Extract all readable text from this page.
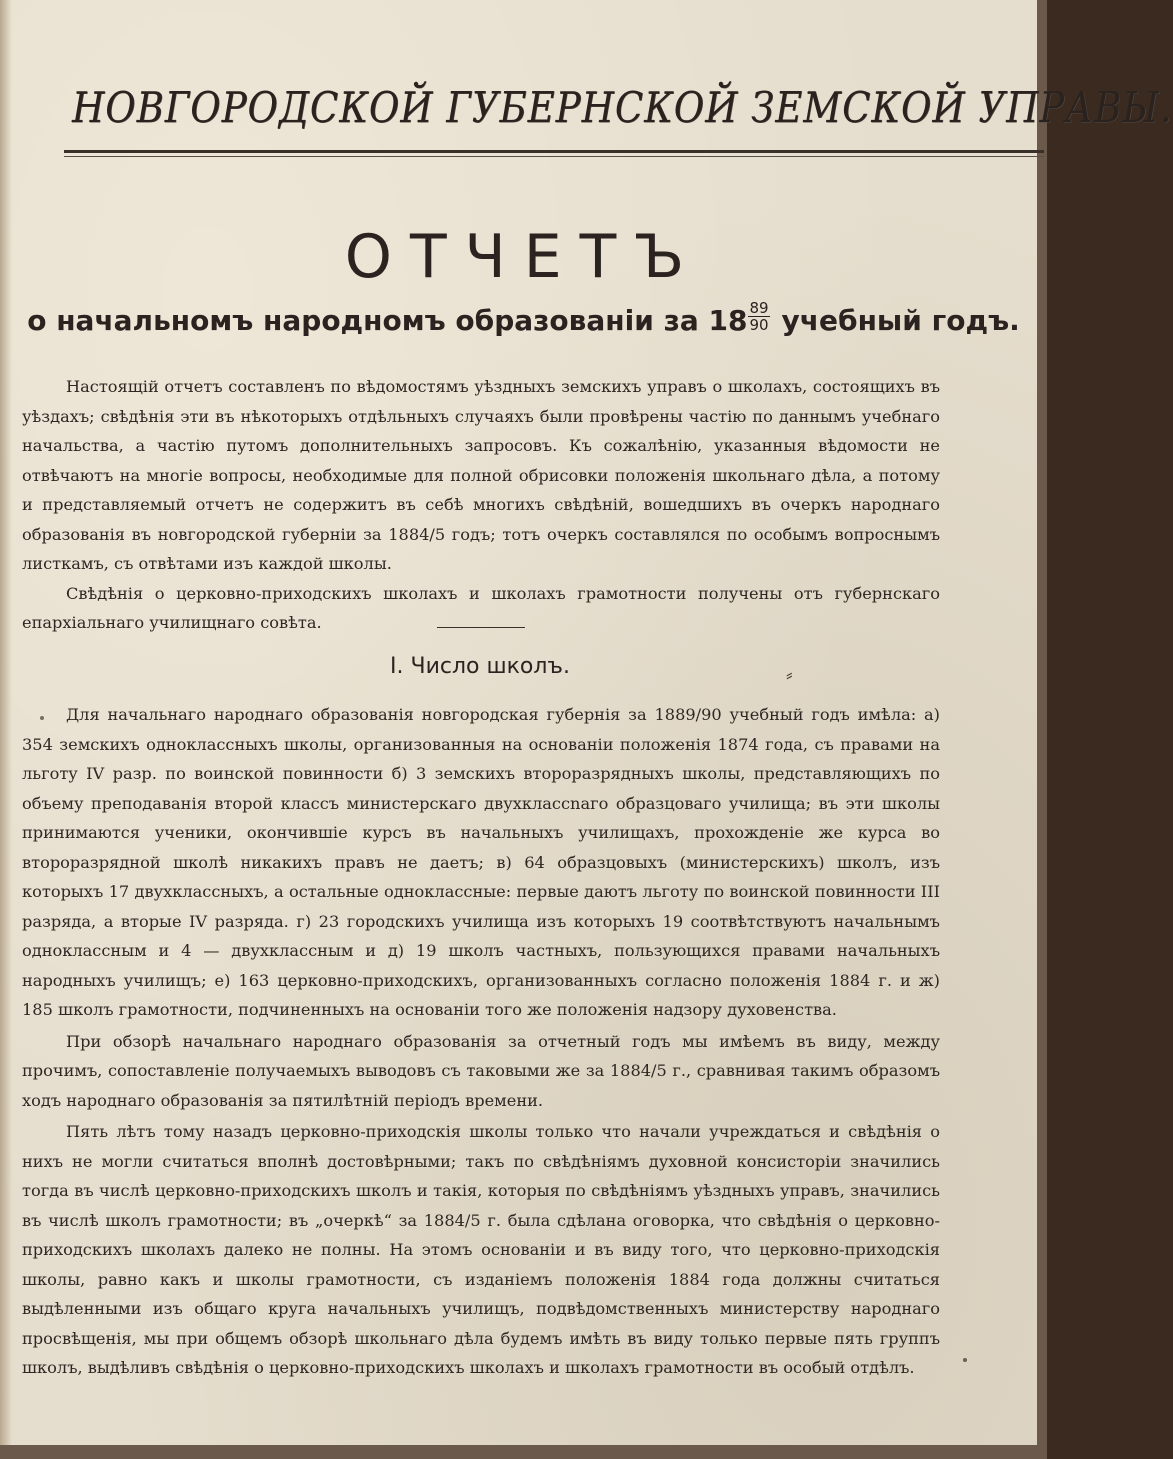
НОВГОРОДСКОЙ ГУБЕРНСКОЙ ЗЕМСКОЙ УПРАВЫ.
ОТЧЕТЪ
о начальномъ народномъ образованіи за $18 \frac{89}{90}$ учебный годъ.

Настоящій отчетъ составленъ по вѣдомостямъ уѣздныхъ земскихъ управъ о школахъ, состоящихъ въ уѣздахъ; свѣдѣнія эти въ нѣкоторыхъ отдѣльныхъ случаяхъ были провѣрены частію по даннымъ учебнаго начальства, а частію путомъ дополнительныхъ запросовъ. Къ сожалѣнію, указанныя вѣдомости не отвѣчаютъ на многіе вопросы, необходимые для полной обрисовки положенія школьнаго дѣла, а потому и представляемый отчетъ не содержитъ въ себѣ многихъ свѣдѣній, вошедшихъ въ очеркъ народнаго образованія въ новгородской губерніи за 1884/5 годъ; тотъ очеркъ составлялся по особымъ вопроснымъ листкамъ, съ отвѣтами изъ каждой школы.

Свѣдѣнія о церковно-приходскихъ школахъ и школахъ грамотности получены отъ губернскаго епархіальнаго училищнаго совѣта.

I. Число школъ.	⸗

Для начальнаго народнаго образованія новгородская губернія за 1889/90 учебный годъ имѣла: а) 354 земскихъ одноклассныхъ школы, организованныя на основаніи положенія 1874 года, съ правами на льготу IV разр. по воинской повинности б) 3 земскихъ второразрядныхъ школы, представляющихъ по объему преподаванія второй классъ министерскаго двухклассnаго образцоваго училища; въ эти школы принимаются ученики, окончившіе курсъ въ начальныхъ училищахъ, прохожденіе же курса во второразрядной школѣ никакихъ правъ не даетъ; в) 64 образцовыхъ (министерскихъ) школъ, изъ которыхъ 17 двухклассныхъ, а остальные одноклассные: первые даютъ льготу по воинской повинности III разряда, а вторые IV разряда. г) 23 городскихъ училища изъ которыхъ 19 соотвѣтствуютъ начальнымъ одноклассным и 4 — двухклассным и д) 19 школъ частныхъ, пользующихся правами начальныхъ народныхъ училищъ; е) 163 церковно-приходскихъ, организованныхъ согласно положенія 1884 г. и ж) 185 школъ грамотности, подчиненныхъ на основаніи того же положенія надзору духовенства.

При обзорѣ начальнаго народнаго образованія за отчетный годъ мы имѣемъ въ виду, между прочимъ, сопоставленіе получаемыхъ выводовъ съ таковыми же за 1884/5 г., сравнивая такимъ образомъ ходъ народнаго образованія за пятилѣтній періодъ времени.

Пять лѣтъ тому назадъ церковно-приходскія школы только что начали учреждаться и свѣдѣнія о нихъ не могли считаться вполнѣ достовѣрными; такъ по свѣдѣніямъ духовной консисторіи значились тогда въ числѣ церковно-приходскихъ школъ и такія, которыя по свѣдѣніямъ уѣздныхъ управъ, значились въ числѣ школъ грамотности; въ „очеркѣ“ за 1884/5 г. была сдѣлана оговорка, что свѣдѣнія о церковно-приходскихъ школахъ далеко не полны. На этомъ основаніи и въ виду того, что церковно-приходскія школы, равно какъ и школы грамотности, съ изданіемъ положенія 1884 года должны считаться выдѣленными изъ общаго круга начальныхъ училищъ, подвѣдомственныхъ министерству народнаго просвѣщенія, мы при общемъ обзорѣ школьнаго дѣла будемъ имѣть въ виду только первые пять группъ школъ, выдѣливъ свѣдѣнія о церковно-приходскихъ школахъ и школахъ грамотности въ особый отдѣлъ.
